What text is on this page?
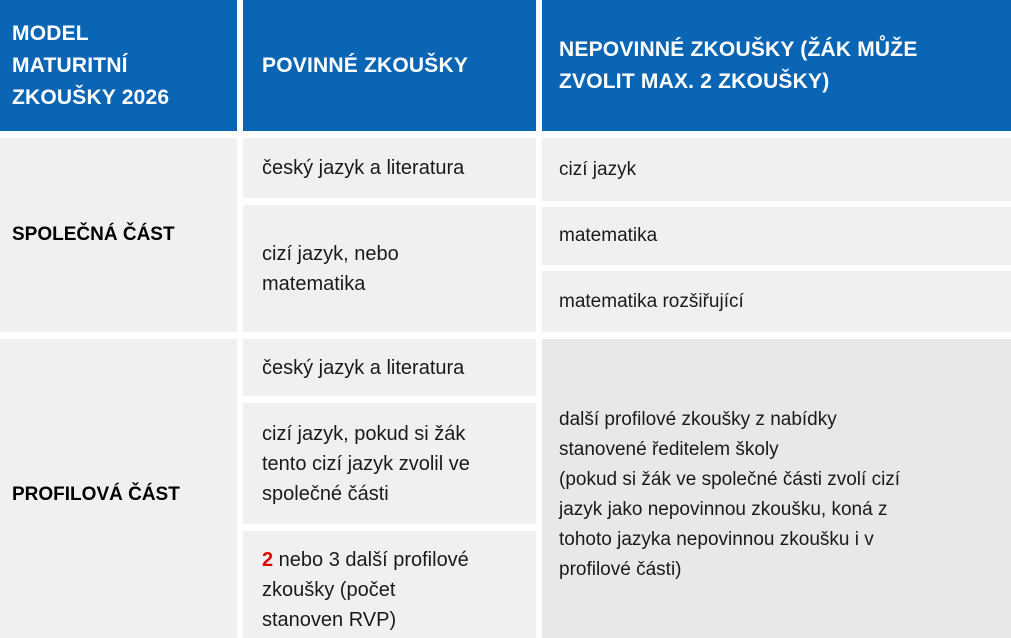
MODEL
MATURITNÍ
ZKOUŠKY 2026
POVINNÉ ZKOUŠKY
NEPOVINNÉ ZKOUŠKY (ŽÁK MŮŽE
ZVOLIT MAX. 2 ZKOUŠKY)
SPOLEČNÁ ČÁST
český jazyk a literatura
cizí jazyk, nebo
matematika
cizí jazyk
matematika
matematika rozšiřující
PROFILOVÁ ČÁST
český jazyk a literatura
cizí jazyk, pokud si žák
tento cizí jazyk zvolil ve
společné části
2 nebo 3 další profilové
zkoušky (počet
stanoven RVP)
další profilové zkoušky z nabídky
stanovené ředitelem školy
(pokud si žák ve společné části zvolí cizí
jazyk jako nepovinnou zkoušku, koná z
tohoto jazyka nepovinnou zkoušku i v
profilové části)
